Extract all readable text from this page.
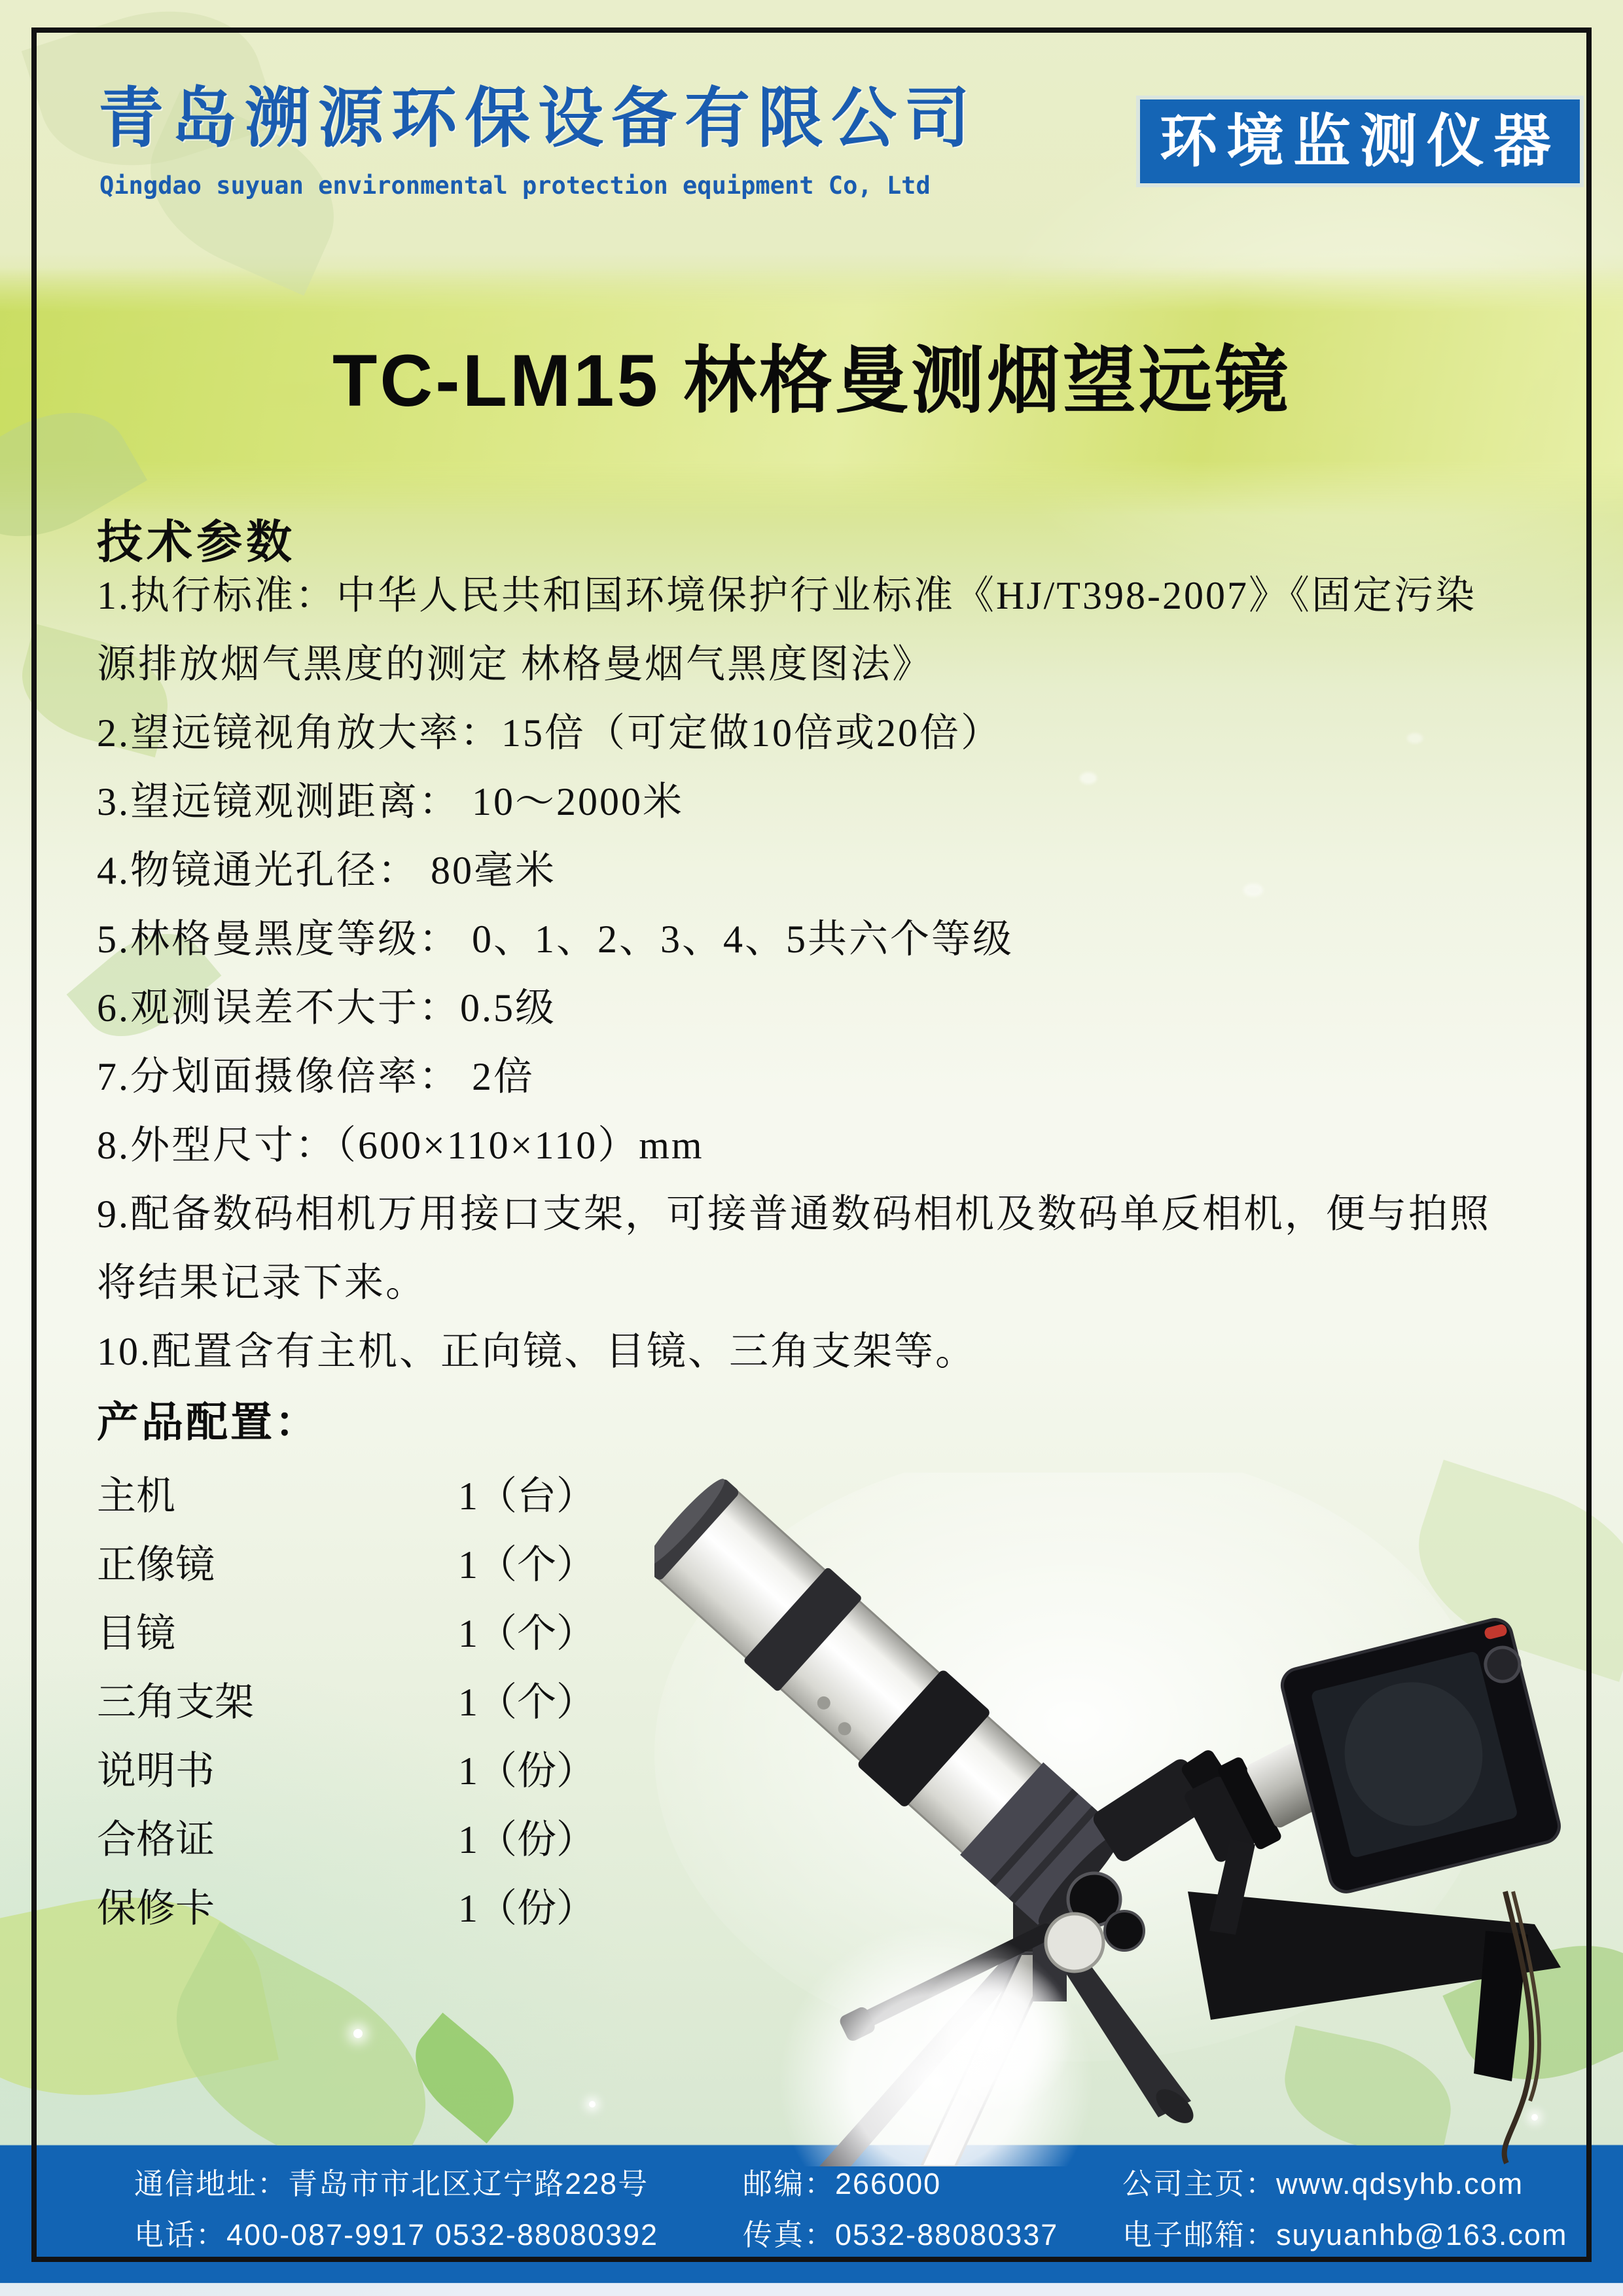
青岛溯源环保设备有限公司
Qingdao suyuan environmental protection equipment Co, Ltd
环境监测仪器
TC-LM15 林格曼测烟望远镜
技术参数
1.执行标准：中华人民共和国环境保护行业标准《HJ/T398-2007》《固定污染
源排放烟气黑度的测定 林格曼烟气黑度图法》
2.望远镜视角放大率：15倍（可定做10倍或20倍）
3.望远镜观测距离： 10～2000米
4.物镜通光孔径： 80毫米
5.林格曼黑度等级： 0、1、2、3、4、5共六个等级
6.观测误差不大于：0.5级
7.分划面摄像倍率： 2倍
8.外型尺寸：（600×110×110）mm
9.配备数码相机万用接口支架，可接普通数码相机及数码单反相机，便与拍照
将结果记录下来。
10.配置含有主机、正向镜、目镜、三角支架等。
产品配置：
主机	1（台）
正像镜	1（个）
目镜	1（个）
三角支架	1（个）
说明书	1（份）
合格证	1（份）
保修卡	1（份）
通信地址：青岛市市北区辽宁路228号	邮编：266000	公司主页：www.qdsyhb.com
电话：400-087-9917 0532-88080392	传真：0532-88080337 电子邮箱：suyuanhb@163.com
